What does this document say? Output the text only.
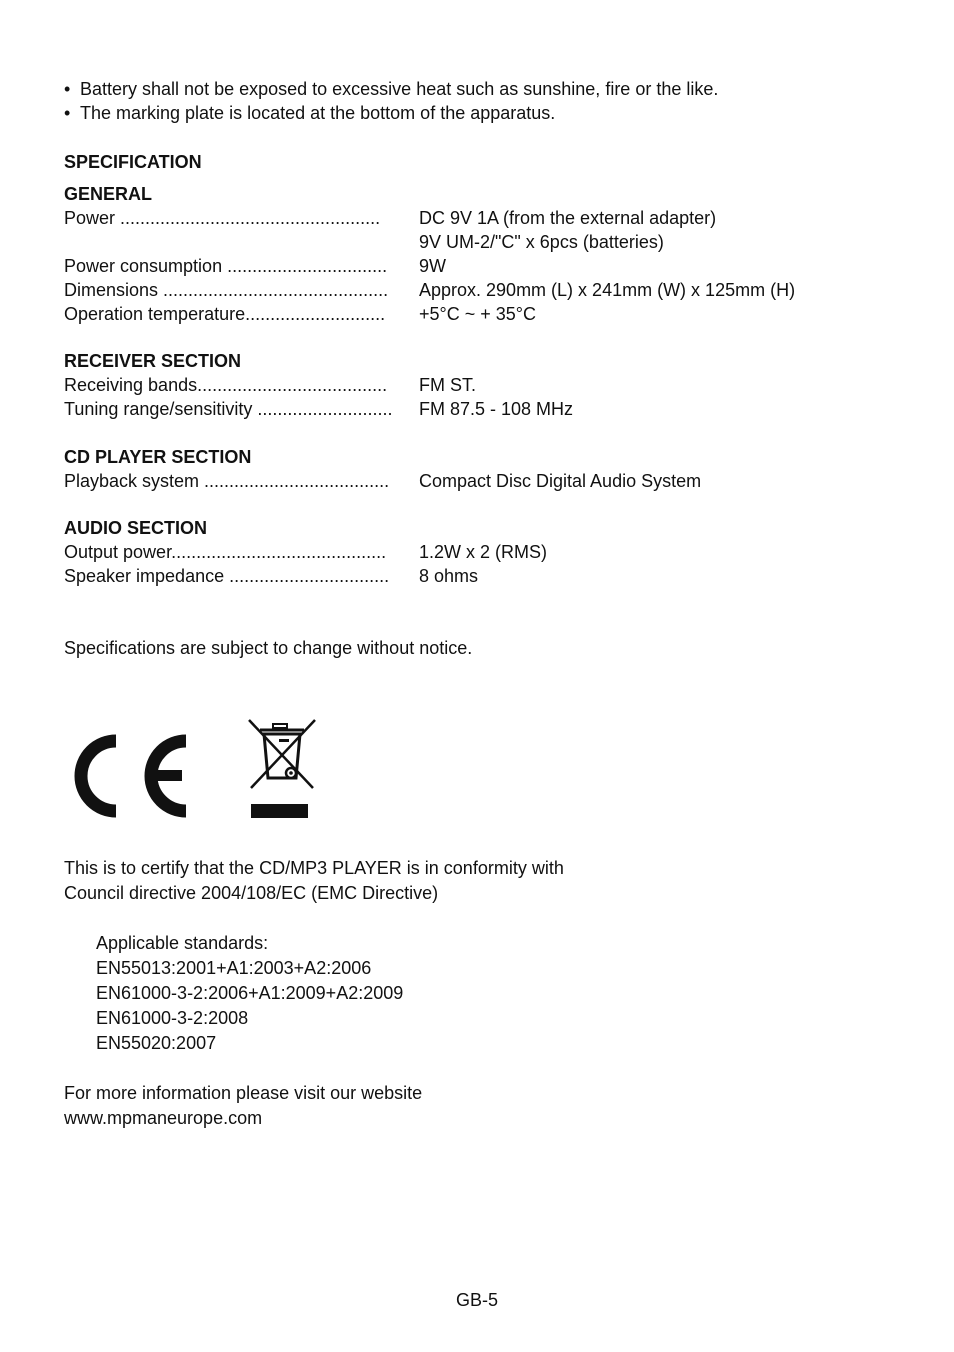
• Battery shall not be exposed to excessive heat such as sunshine, fire or the like.
• The marking plate is located at the bottom of the apparatus.
SPECIFICATION
GENERAL
Power .................................................... DC 9V 1A (from the external adapter)
9V UM-2/"C" x 6pcs (batteries)
Power consumption ................................ 9W
Dimensions ............................................. Approx. 290mm (L) x 241mm (W) x 125mm (H)
Operation temperature............................ +5°C ~ + 35°C
RECEIVER SECTION
Receiving bands...................................... FM ST.
Tuning range/sensitivity ........................... FM 87.5 - 108 MHz
CD PLAYER SECTION
Playback system ..................................... Compact Disc Digital Audio System
AUDIO SECTION
Output power........................................... 1.2W x 2 (RMS)
Speaker impedance ................................ 8 ohms
Specifications are subject to change without notice.
This is to certify that the CD/MP3 PLAYER is in conformity with
Council directive 2004/108/EC (EMC Directive)
Applicable standards:
EN55013:2001+A1:2003+A2:2006
EN61000-3-2:2006+A1:2009+A2:2009
EN61000-3-2:2008
EN55020:2007
For more information please visit our website
www.mpmaneurope.com
GB-5
